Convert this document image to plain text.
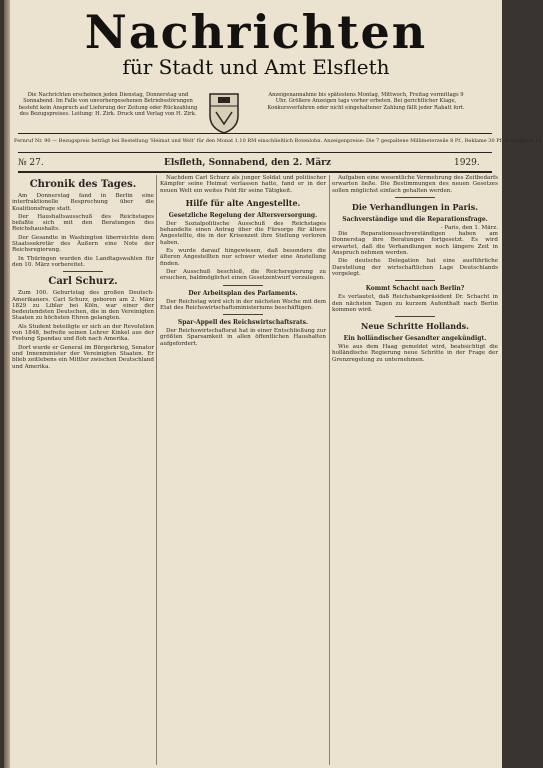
Nachrichten
für Stadt und Amt Elsfleth
Die Nachrichten erscheinen jeden Dienstag, Donnerstag und Sonnabend. Im Falle von unvorhergesehenen Betriebsstörungen besteht kein Anspruch auf Lieferung der Zeitung oder Rückzahlung des Bezugspreises. Leitung: H. Zirk. Druck und Verlag von H. Zirk.
Anzeigenannahme bis spätestens Montag, Mittwoch, Freitag vormittags 9 Uhr. Größere Anzeigen tags vorher erbeten. Bei gerichtlicher Klage, Konkursverfahren oder nicht eingehaltener Zahlung fällt jeder Rabatt fort.
Fernruf Nr. 90 — Bezugspreis beträgt bei Bestellung 'Heimat und Welt' für den Monat 1.10 RM einschließlich Botenlohn. Anzeigenpreise: Die 7 gespaltene Millimeterzeile 8 Pf., Reklame 30 Pf. Scheckfach 10.
№ 27.	Elsfleth, Sonnabend, den 2. März	1929.
Chronik des Tages.

Am Donnerstag fand in Berlin eine interfraktionelle Besprechung über die Koalitionsfrage statt.

Der Haushaltsausschuß des Reichstages befaßte sich mit den Beratungen des Reichshaushalts.

Der Gesandte in Washington überreichte dem Staatssekretär des Äußern eine Note der Reichsregierung.

In Thüringen wurden die Landtagswahlen für den 10. März vorbereitet.

Carl Schurz.

Zum 100. Geburtstag des großen Deutsch-Amerikaners. Carl Schurz, geboren am 2. März 1829 zu Liblar bei Köln, war einer der bedeutendsten Deutschen, die in den Vereinigten Staaten zu höchsten Ehren gelangten.

Als Student beteiligte er sich an der Revolution von 1848, befreite seinen Lehrer Kinkel aus der Festung Spandau und floh nach Amerika.

Dort wurde er General im Bürgerkrieg, Senator und Innenminister der Vereinigten Staaten. Er blieb zeitlebens ein Mittler zwischen Deutschland und Amerika.

Nachdem Carl Schurz als junger Soldat und politischer Kämpfer seine Heimat verlassen hatte, fand er in der neuen Welt ein weites Feld für seine Tätigkeit.

Hilfe für alte Angestellte.
Gesetzliche Regelung der Altersversorgung.

Der Sozialpolitische Ausschuß des Reichstages behandelte einen Antrag über die Fürsorge für ältere Angestellte, die in der Krisenzeit ihre Stellung verloren haben.

Es wurde darauf hingewiesen, daß besonders die älteren Angestellten nur schwer wieder eine Anstellung finden.

Der Ausschuß beschloß, die Reichsregierung zu ersuchen, baldmöglichst einen Gesetzentwurf vorzulegen.

Der Arbeitsplan des Parlaments.

Der Reichstag wird sich in der nächsten Woche mit dem Etat des Reichswirtschaftsministeriums beschäftigen.

Spar-Appell des Reichswirtschaftsrats.

Der Reichswirtschaftsrat hat in einer Entschließung zur größten Sparsamkeit in allen öffentlichen Haushalten aufgefordert.

Aufgaben eine wesentliche Vermehrung des Zeitbedarfs erwarten ließe. Die Bestimmungen des neuen Gesetzes sollen möglichst einfach gehalten werden.

Die Verhandlungen in Paris.
Sachverständige und die Reparationsfrage.
- Paris, den 1. März.

Die Reparationssachverständigen haben am Donnerstag ihre Beratungen fortgesetzt. Es wird erwartet, daß die Verhandlungen noch längere Zeit in Anspruch nehmen werden.

Die deutsche Delegation hat eine ausführliche Darstellung der wirtschaftlichen Lage Deutschlands vorgelegt.

Kommt Schacht nach Berlin?

Es verlautet, daß Reichsbankpräsident Dr. Schacht in den nächsten Tagen zu kurzem Aufenthalt nach Berlin kommen wird.

Neue Schritte Hollands.
Ein holländischer Gesandter angekündigt.

Wie aus dem Haag gemeldet wird, beabsichtigt die holländische Regierung neue Schritte in der Frage der Grenzregelung zu unternehmen.
